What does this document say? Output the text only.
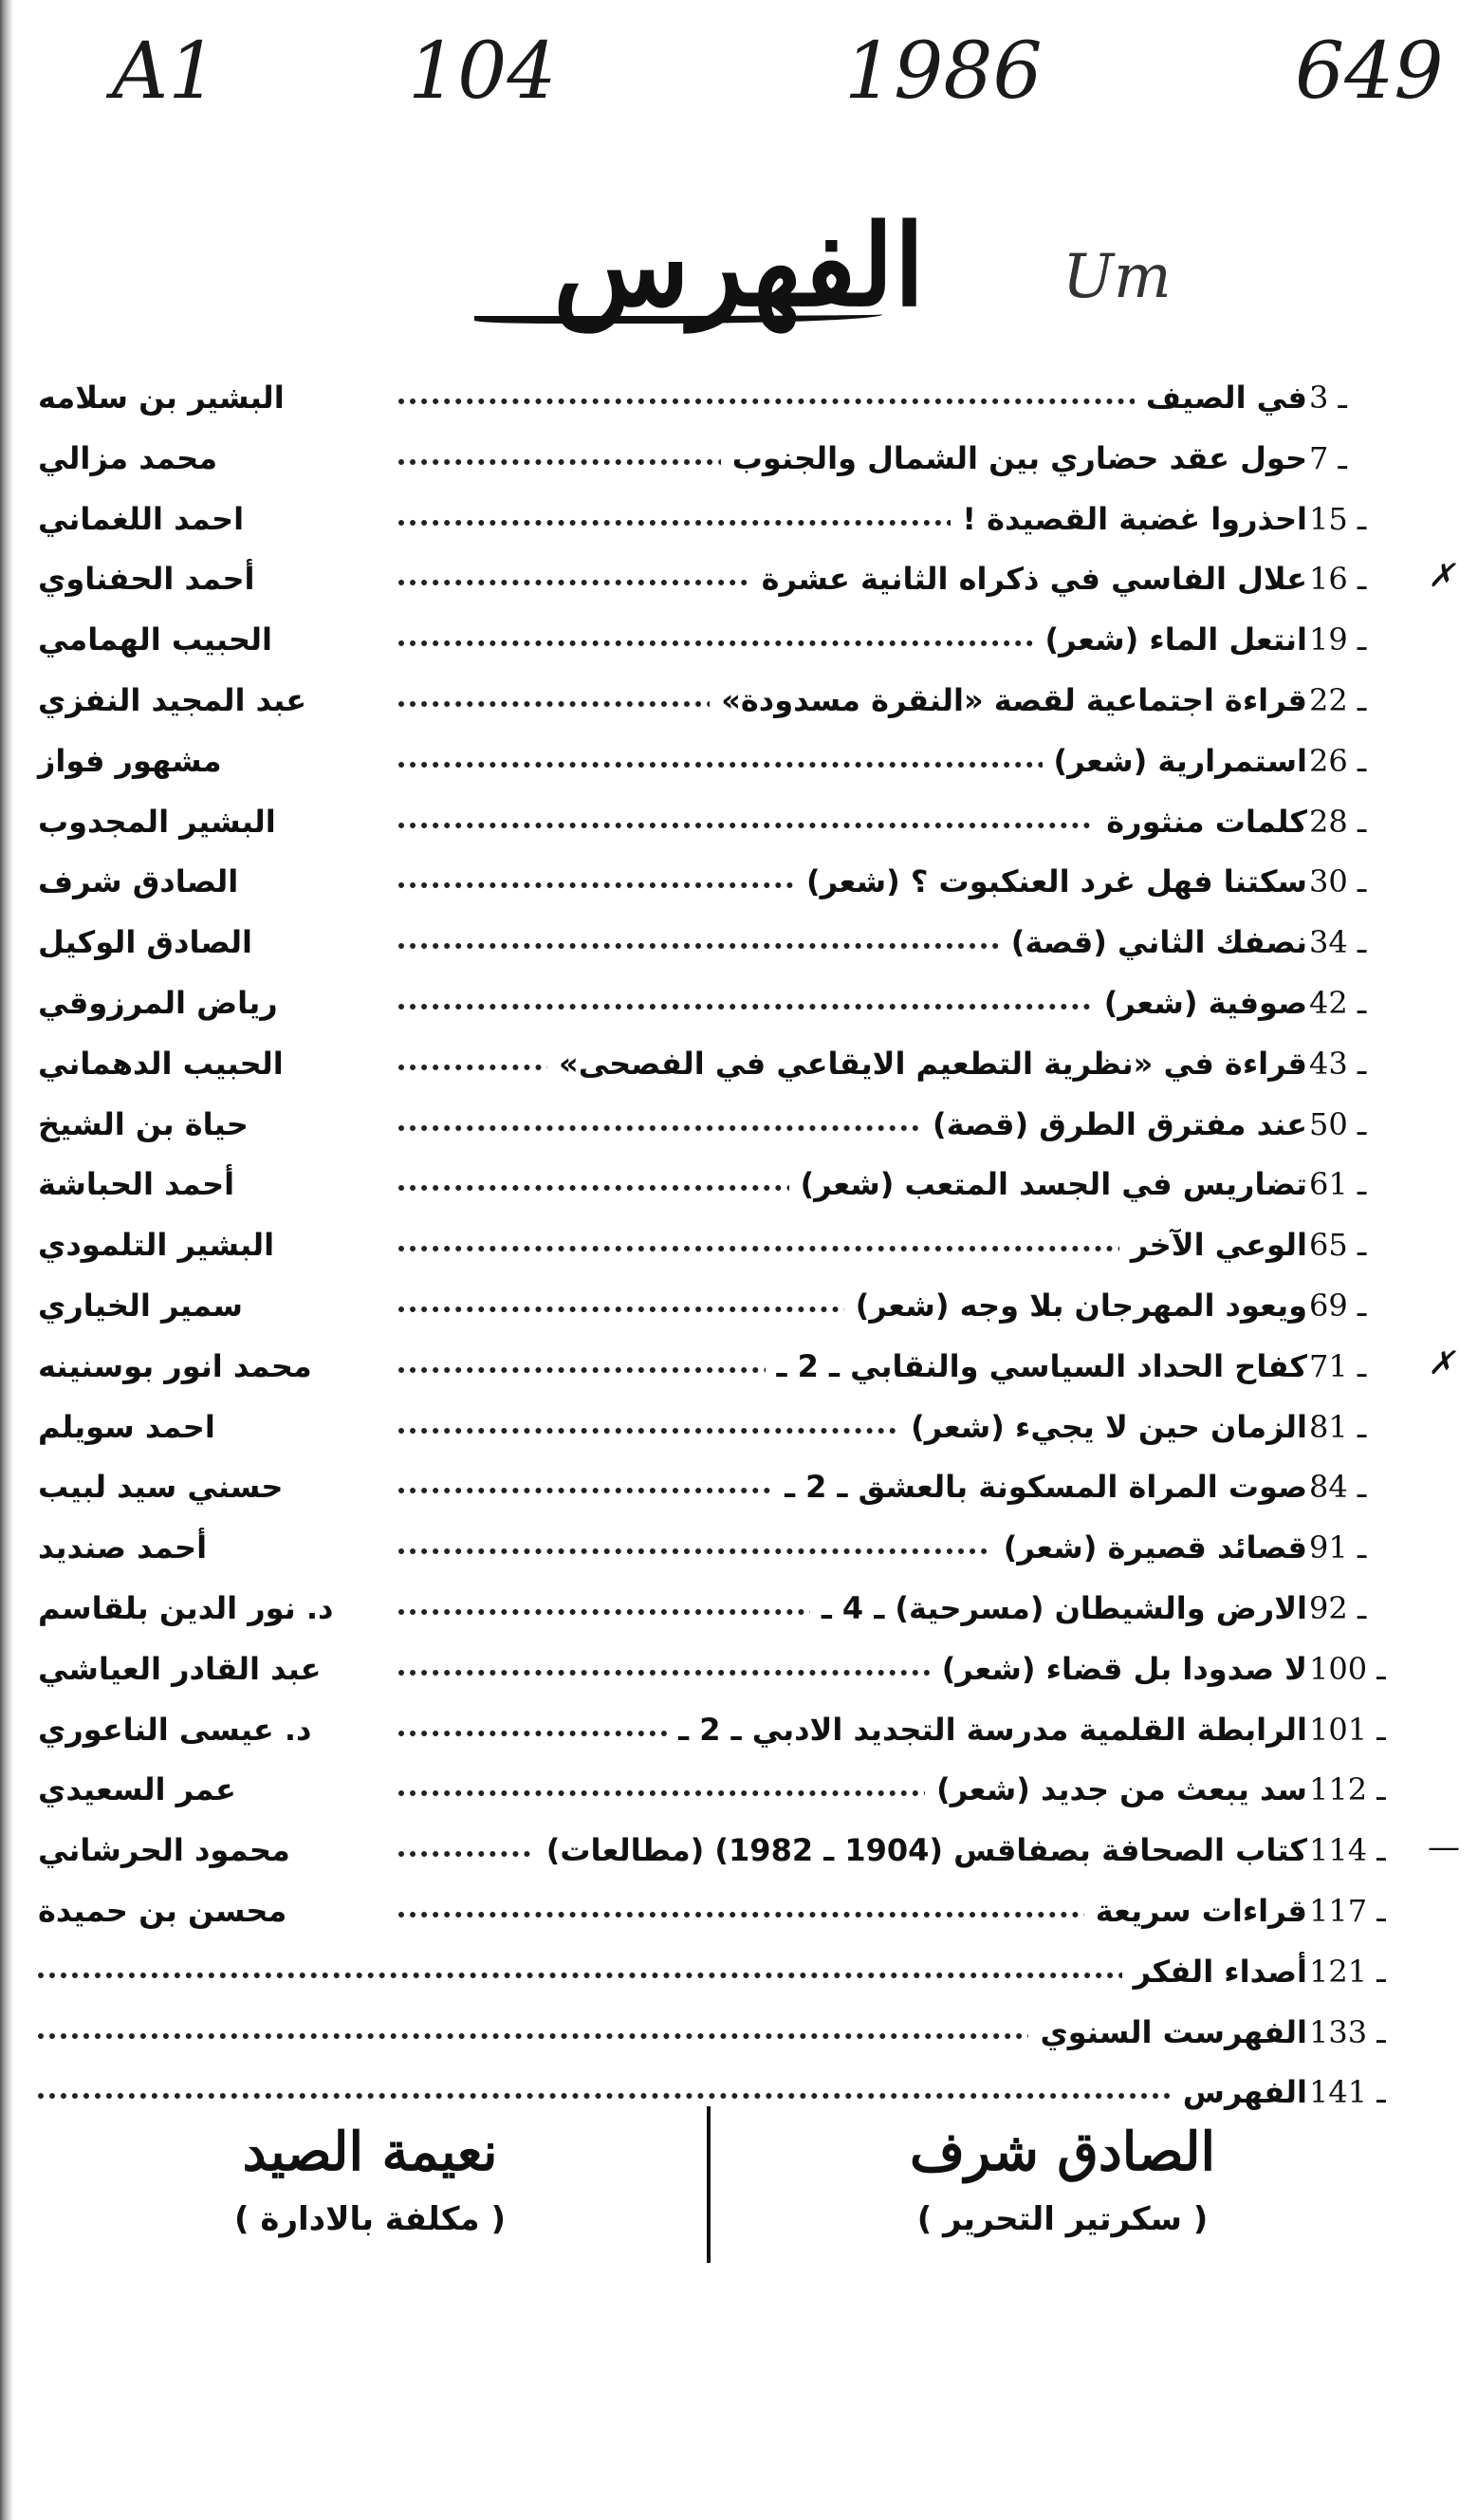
A1 104	1986	649
الفهرس	Um
البشير بن سلامه	في الصيف 3 ـ
محمد مزالي	حول عقد حضاري بين الشمال والجنوب 7 ـ
احمد اللغماني	احذروا غضبة القصيدة ! 15 ـ
أحمد الحفناوي	علال الفاسي في ذكراه الثانية عشرة 16 ـ	✗
الحبيب الهمامي	انتعل الماء (شعر) 19 ـ
عبد المجيد النفزي	قراءة اجتماعية لقصة «النقرة مسدودة» 22 ـ
مشهور فواز	استمرارية (شعر) 26 ـ
البشير المجدوب	كلمات منثورة 28 ـ
الصادق شرف	سكتنا فهل غرد العنكبوت ؟ (شعر) 30 ـ
الصادق الوكيل	نصفك الثاني (قصة) 34 ـ
رياض المرزوقي	صوفية (شعر) 42 ـ
الحبيب الدهماني	قراءة في «نظرية التطعيم الايقاعي في الفصحى» 43 ـ
حياة بن الشيخ	عند مفترق الطرق (قصة) 50 ـ
أحمد الحباشة	تضاريس في الجسد المتعب (شعر) 61 ـ
البشير التلمودي	الوعي الآخر 65 ـ
سمير الخياري	ويعود المهرجان بلا وجه (شعر) 69 ـ
محمد انور بوسنينه	كفاح الحداد السياسي والنقابي ـ 2 ـ 71 ـ	✗
احمد سويلم	الزمان حين لا يجيء (شعر) 81 ـ
حسني سيد لبيب	صوت المراة المسكونة بالعشق ـ 2 ـ 84 ـ
أحمد صنديد	قصائد قصيرة (شعر) 91 ـ
د. نور الدين بلقاسم	الارض والشيطان (مسرحية) ـ 4 ـ 92 ـ
عبد القادر العياشي	لا صدودا بل قضاء (شعر) 100 ـ
د. عيسى الناعوري	الرابطة القلمية مدرسة التجديد الادبي ـ 2 ـ 101 ـ
عمر السعيدي	سد يبعث من جديد (شعر) 112 ـ
محمود الحرشاني	كتاب الصحافة بصفاقس (1904 ـ 1982) (مطالعات) 114 ـ	—
محسن بن حميدة	قراءات سريعة 117 ـ
أصداء الفكر 121 ـ
الفهرست السنوي 133 ـ
الفهرس 141 ـ
الصادق شرف
( سكرتير التحرير )
نعيمة الصيد
( مكلفة بالادارة )
